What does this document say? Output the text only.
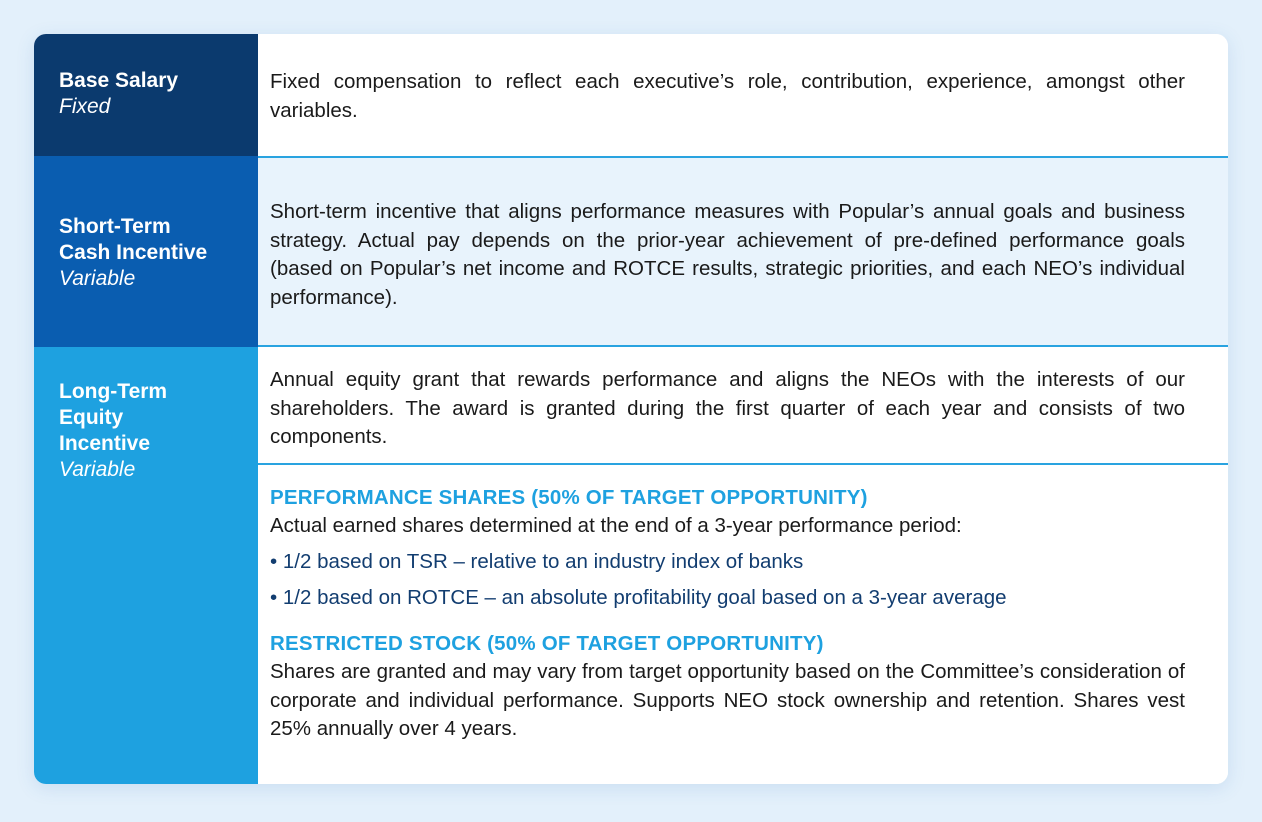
Base Salary
Fixed

Fixed compensation to reflect each executive’s role, contribution, experience, amongst other variables.

Short-Term
Cash Incentive
Variable

Short-term incentive that aligns performance measures with Popular’s annual goals and business strategy. Actual pay depends on the prior-year achievement of pre-defined performance goals (based on Popular’s net income and ROTCE results, strategic priorities, and each NEO’s individual performance).

Long-Term
Equity
Incentive
Variable

Annual equity grant that rewards performance and aligns the NEOs with the interests of our shareholders. The award is granted during the first quarter of each year and consists of two components.

PERFORMANCE SHARES (50% OF TARGET OPPORTUNITY)

Actual earned shares determined at the end of a 3-year performance period:

• 1/2 based on TSR – relative to an industry index of banks

• 1/2 based on ROTCE – an absolute profitability goal based on a 3-year average

RESTRICTED STOCK (50% OF TARGET OPPORTUNITY)

Shares are granted and may vary from target opportunity based on the Committee’s consideration of corporate and individual performance. Supports NEO stock ownership and retention. Shares vest 25% annually over 4 years.
